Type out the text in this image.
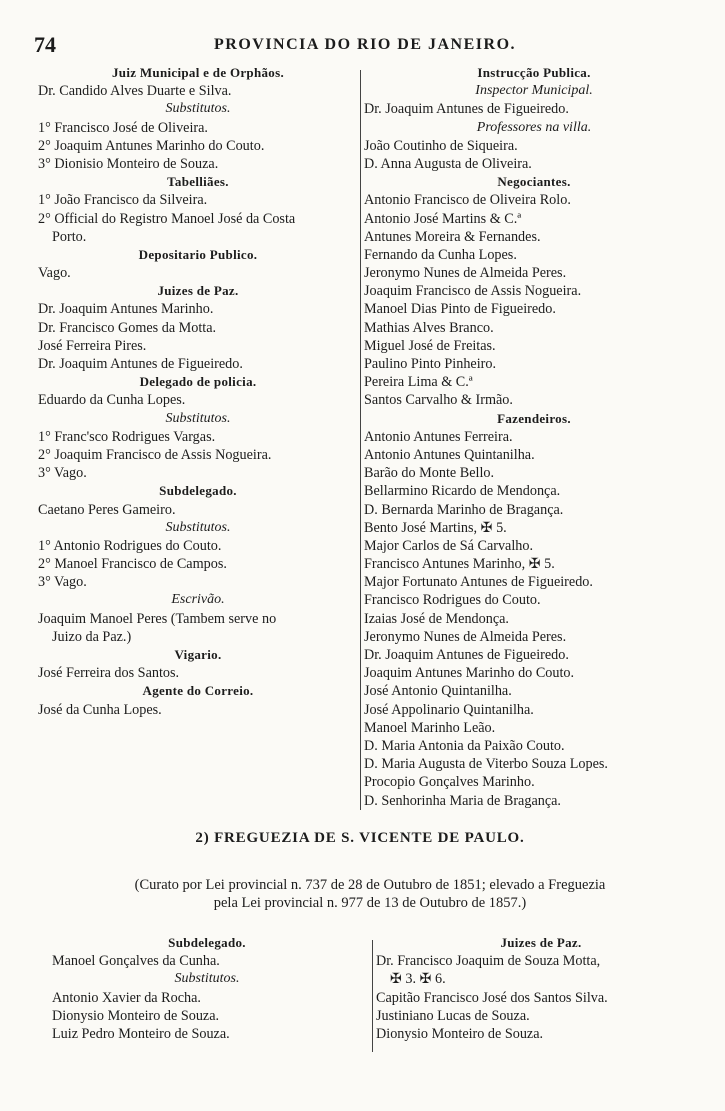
74	PROVINCIA DO RIO DE JANEIRO.
Juiz Municipal e de Orphãos.
Dr. Candido Alves Duarte e Silva.
Substitutos.
1° Francisco José de Oliveira.
2° Joaquim Antunes Marinho do Couto.
3° Dionisio Monteiro de Souza.
Tabelliães.
1° João Francisco da Silveira.
2° Official do Registro Manoel José da Costa
Porto.
Depositario Publico.
Vago.
Juizes de Paz.
Dr. Joaquim Antunes Marinho.
Dr. Francisco Gomes da Motta.
José Ferreira Pires.
Dr. Joaquim Antunes de Figueiredo.
Delegado de policia.
Eduardo da Cunha Lopes.
Substitutos.
1° Franc'sco Rodrigues Vargas.
2° Joaquim Francisco de Assis Nogueira.
3° Vago.
Subdelegado.
Caetano Peres Gameiro.
Substitutos.
1° Antonio Rodrigues do Couto.
2° Manoel Francisco de Campos.
3° Vago.
Escrivão.
Joaquim Manoel Peres (Tambem serve no
Juizo da Paz.)
Vigario.
José Ferreira dos Santos.
Agente do Correio.
José da Cunha Lopes.
Instrucção Publica.
Inspector Municipal.
Dr. Joaquim Antunes de Figueiredo.
Professores na villa.
João Coutinho de Siqueira.
D. Anna Augusta de Oliveira.
Negociantes.
Antonio Francisco de Oliveira Rolo.
Antonio José Martins & C.ª
Antunes Moreira & Fernandes.
Fernando da Cunha Lopes.
Jeronymo Nunes de Almeida Peres.
Joaquim Francisco de Assis Nogueira.
Manoel Dias Pinto de Figueiredo.
Mathias Alves Branco.
Miguel José de Freitas.
Paulino Pinto Pinheiro.
Pereira Lima & C.ª
Santos Carvalho & Irmão.
Fazendeiros.
Antonio Antunes Ferreira.
Antonio Antunes Quintanilha.
Barão do Monte Bello.
Bellarmino Ricardo de Mendonça.
D. Bernarda Marinho de Bragança.
Bento José Martins, ✠ 5.
Major Carlos de Sá Carvalho.
Francisco Antunes Marinho, ✠ 5.
Major Fortunato Antunes de Figueiredo.
Francisco Rodrigues do Couto.
Izaias José de Mendonça.
Jeronymo Nunes de Almeida Peres.
Dr. Joaquim Antunes de Figueiredo.
Joaquim Antunes Marinho do Couto.
José Antonio Quintanilha.
José Appolinario Quintanilha.
Manoel Marinho Leão.
D. Maria Antonia da Paixão Couto.
D. Maria Augusta de Viterbo Souza Lopes.
Procopio Gonçalves Marinho.
D. Senhorinha Maria de Bragança.
2) FREGUEZIA DE S. VICENTE DE PAULO.
(Curato por Lei provincial n. 737 de 28 de Outubro de 1851; elevado a Freguezia
pela Lei provincial n. 977 de 13 de Outubro de 1857.)
Subdelegado.
Manoel Gonçalves da Cunha.
Substitutos.
Antonio Xavier da Rocha.
Dionysio Monteiro de Souza.
Luiz Pedro Monteiro de Souza.
Juizes de Paz.
Dr. Francisco Joaquim de Souza Motta,
✠ 3. ✠ 6.
Capitão Francisco José dos Santos Silva.
Justiniano Lucas de Souza.
Dionysio Monteiro de Souza.
